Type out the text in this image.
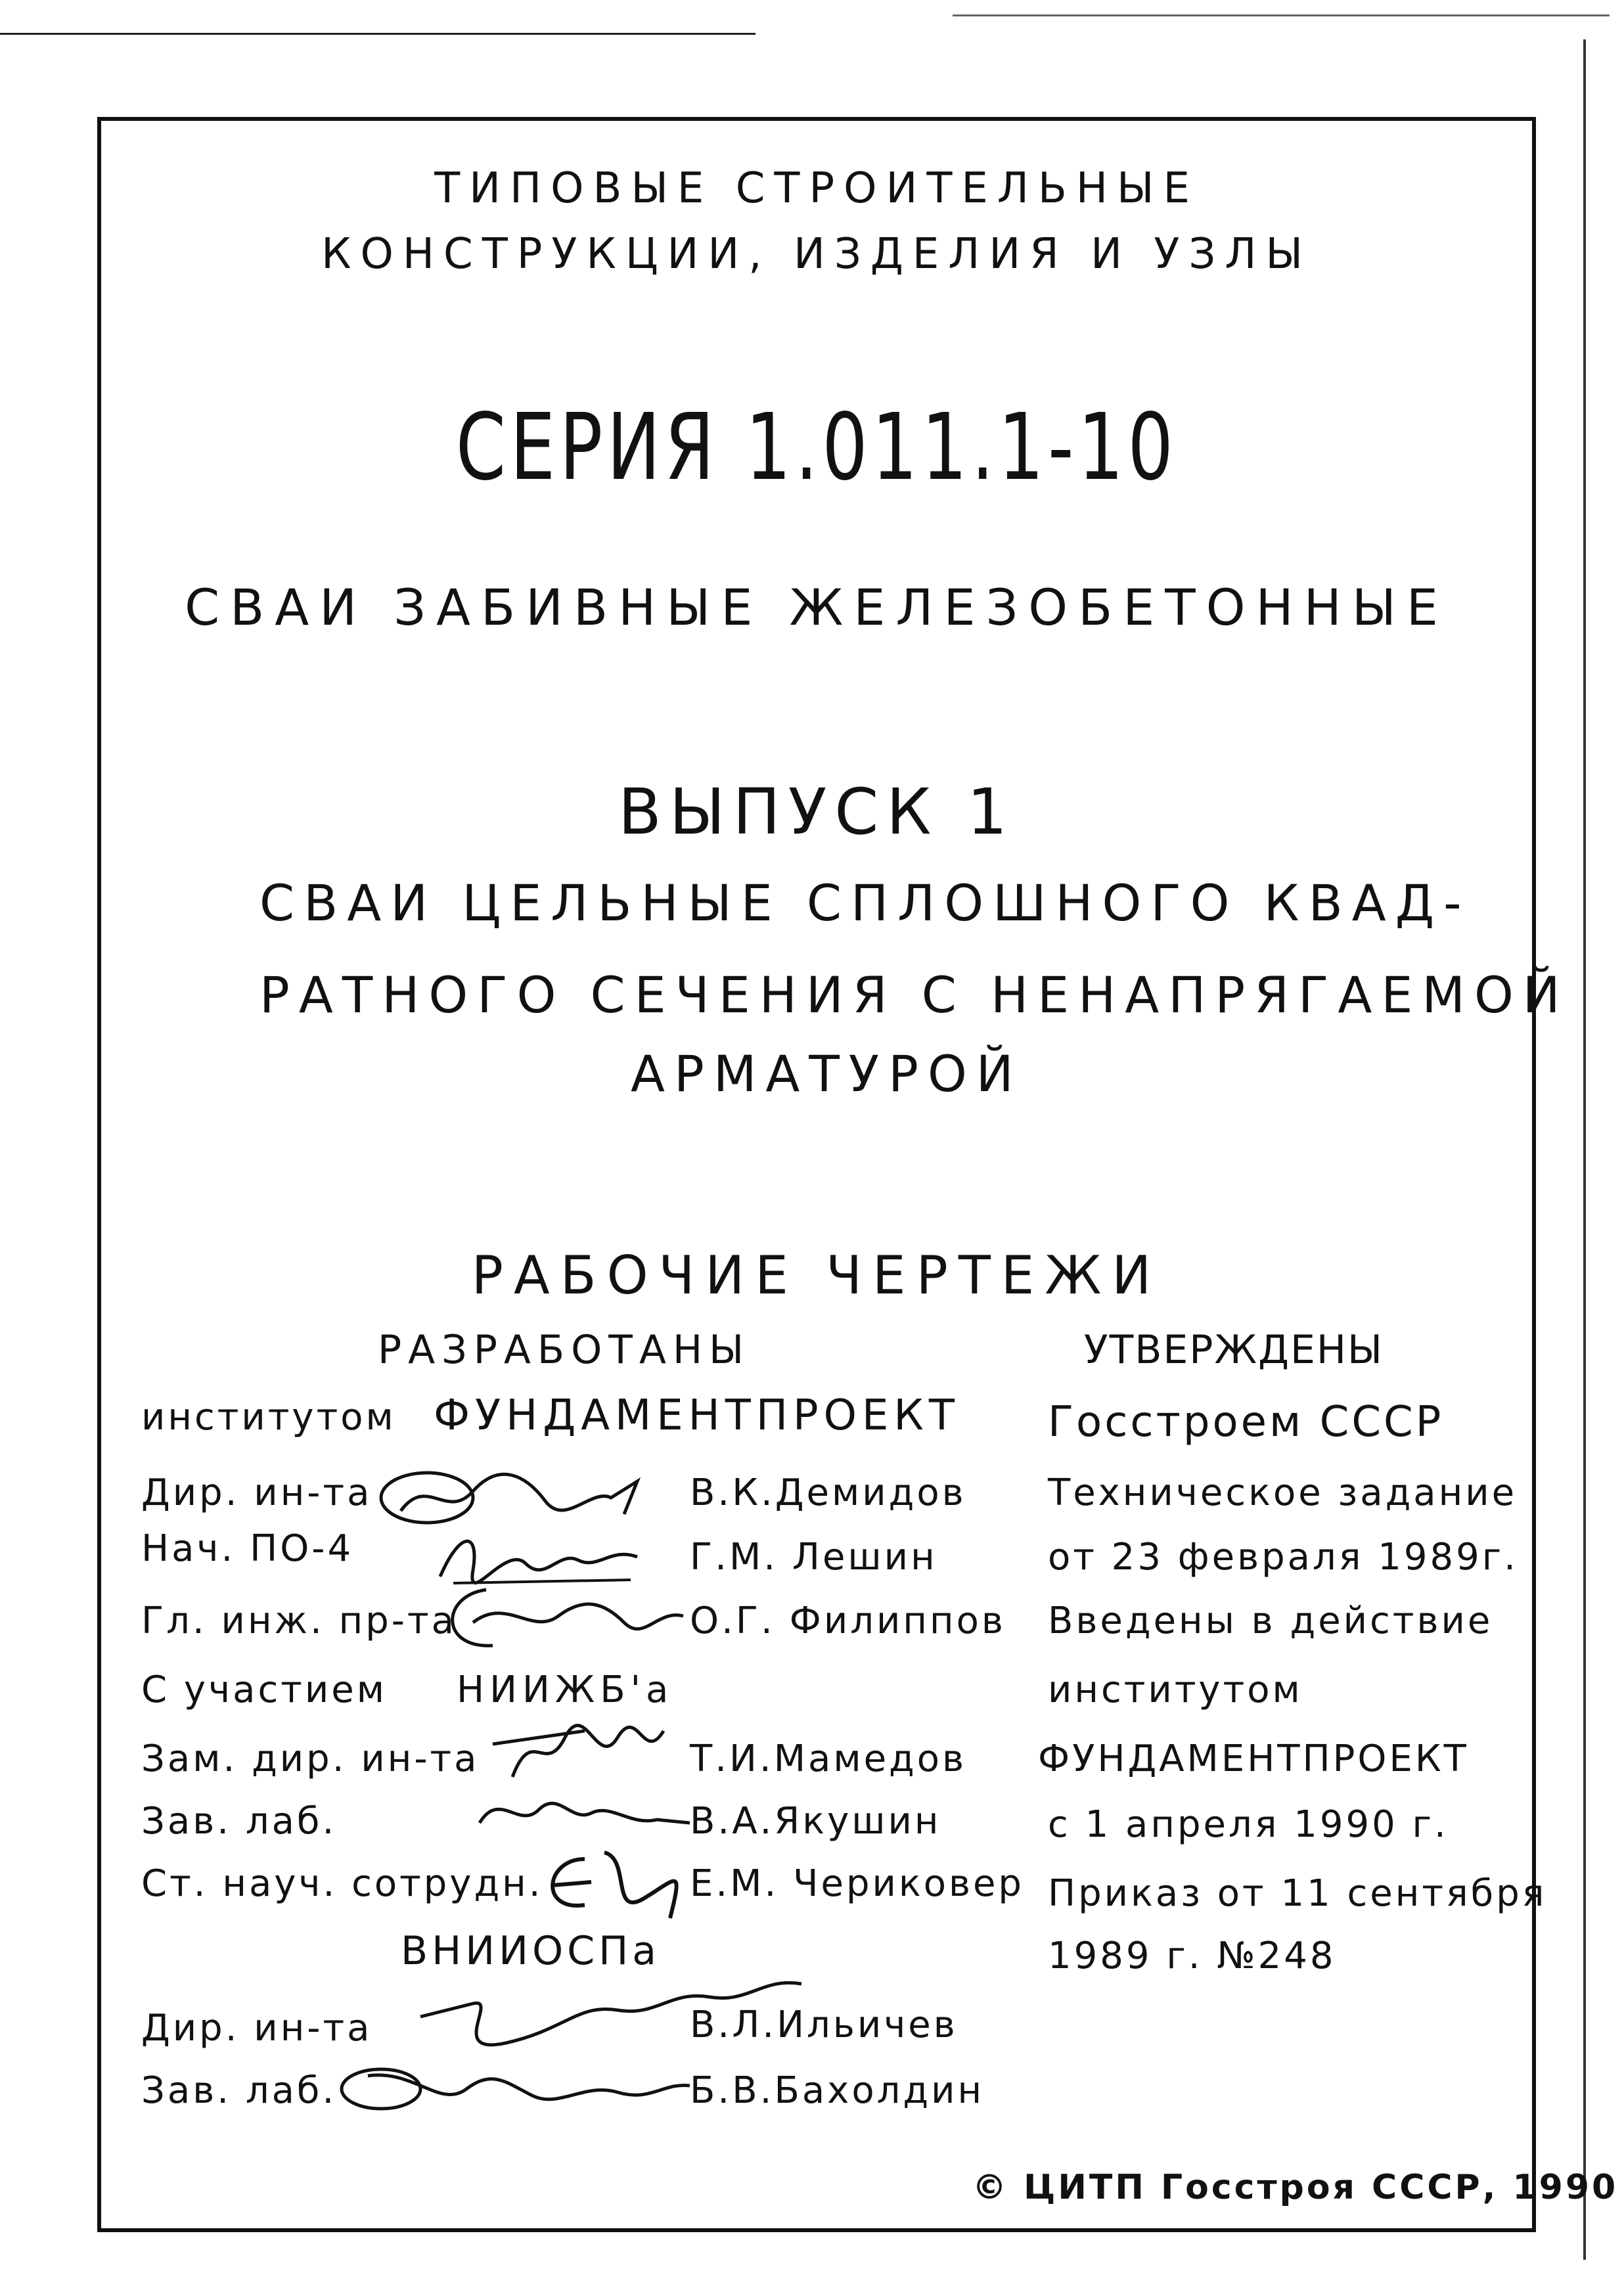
ТИПОВЫЕ СТРОИТЕЛЬНЫЕ
КОНСТРУКЦИИ, ИЗДЕЛИЯ И УЗЛЫ
СЕРИЯ 1.011.1-10
СВАИ ЗАБИВНЫЕ ЖЕЛЕЗОБЕТОННЫЕ
ВЫПУСК 1
СВАИ ЦЕЛЬНЫЕ СПЛОШНОГО КВАД-
РАТНОГО СЕЧЕНИЯ С НЕНАПРЯГАЕМОЙ
АРМАТУРОЙ
РАБОЧИЕ ЧЕРТЕЖИ
РАЗРАБОТАНЫ
институтом ФУНДАМЕНТПРОЕКТ
Дир. ин-та	В.К.Демидов
Нач. ПО-4	Г.М. Лешин
Гл. инж. пр-та	О.Г. Филиппов
С участием НИИЖБ'а
Зам. дир. ин-та	Т.И.Мамедов
Зав. лаб.	В.А.Якушин
Ст. науч. сотрудн.	Е.М. Чериковер
ВНИИОСПа
Дир. ин-та	В.Л.Ильичев
Зав. лаб.	Б.В.Бахолдин
УТВЕРЖДЕНЫ
Госстроем СССР
Техническое задание
от 23 февраля 1989г.
Введены в действие
институтом
ФУНДАМЕНТПРОЕКТ
с 1 апреля 1990 г.
Приказ от 11 сентября
1989 г. №248
© ЦИТП Госстроя СССР, 1990
